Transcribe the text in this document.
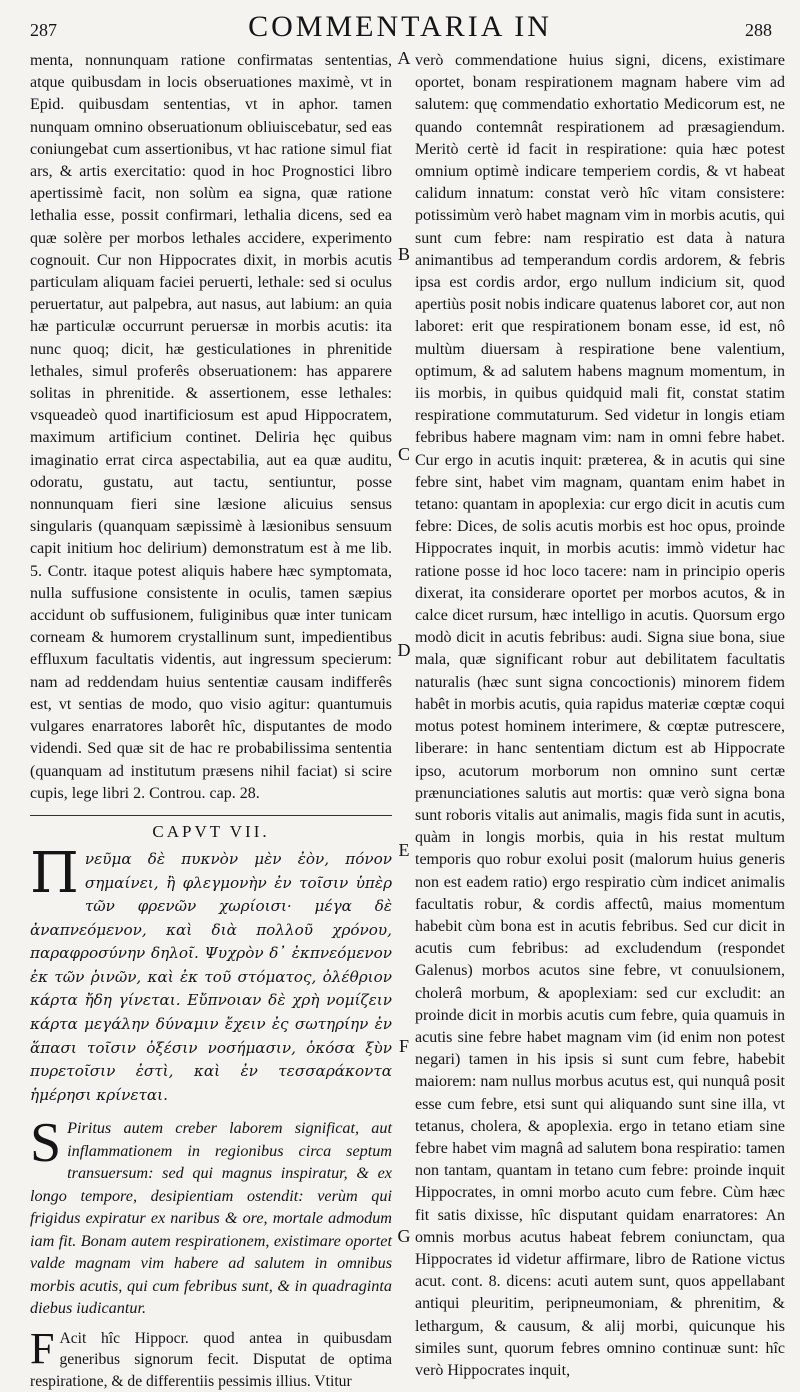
287	COMMENTARIA IN	288

menta, nonnunquam ratione confirmatas sententias, atque quibusdam in locis obseruationes maximè, vt in Epid. quibusdam sententias, vt in aphor. tamen nunquam omnino obseruationum obliuiscebatur, sed eas coniungebat cum assertionibus, vt hac ratione simul fiat ars, & artis exercitatio: quod in hoc Prognostici libro apertissimè facit, non solùm ea signa, quæ ratione lethalia esse, possit confirmari, lethalia dicens, sed ea quæ solère per morbos lethales accidere, experimento cognouit. Cur non Hippocrates dixit, in morbis acutis particulam aliquam faciei peruerti, lethale: sed si oculus peruertatur, aut palpebra, aut nasus, aut labium: an quia hæ particulæ occurrunt peruersæ in morbis acutis: ita nunc quoq; dicit, hæ gesticulationes in phrenitide lethales, simul proferês obseruationem: has apparere solitas in phrenitide. & assertionem, esse lethales: vsqueadeò quod inartificiosum est apud Hippocratem, maximum artificium continet. Deliria hęc quibus imaginatio errat circa aspectabilia, aut ea quæ auditu, odoratu, gustatu, aut tactu, sentiuntur, posse nonnunquam fieri sine læsione alicuius sensus singularis (quanquam sæpissimè à læsionibus sensuum capit initium hoc delirium) demonstratum est à me lib. 5. Contr. itaque potest aliquis habere hæc symptomata, nulla suffusione consistente in oculis, tamen sæpius accidunt ob suffusionem, fuliginibus quæ inter tunicam corneam & humorem crystallinum sunt, impedientibus effluxum facultatis videntis, aut ingressum specierum: nam ad reddendam huius sententiæ causam indifferês est, vt sentias de modo, quo visio agitur: quantumuis vulgares enarratores laborêt hîc, disputantes de modo videndi. Sed quæ sit de hac re probabilissima sententia (quanquam ad institutum præsens nihil faciat) si scire cupis, lege libri 2. Controu. cap. 28.

CAPVT VII.
Π νεῦμα δὲ πυκνὸν μὲν ἐὸν, πόνον σημαίνει, ἢ φλεγμονὴν ἐν τοῖσιν ὑπὲρ τῶν φρενῶν χωρίοισι· μέγα δὲ ἀναπνεόμενον, καὶ διὰ πολλοῦ χρόνου, παραφροσύνην δηλοῖ. Ψυχρὸν δ᾽ ἐκπνεόμενον ἐκ τῶν ῥινῶν, καὶ ἐκ τοῦ στόματος, ὀλέθριον κάρτα ἤδη γίνεται. Εὔπνοιαν δὲ χρὴ νομίζειν κάρτα μεγάλην δύναμιν ἔχειν ἐς σωτηρίην ἐν ἅπασι τοῖσιν ὀξέσιν νοσήμασιν, ὁκόσα ξὺν πυρετοῖσιν ἐστὶ, καὶ ἐν τεσσαράκοντα ἡμέρησι κρίνεται.
S Piritus autem creber laborem significat, aut inflammationem in regionibus circa septum transuersum: sed qui magnus inspiratur, & ex longo tempore, desipientiam ostendit: verùm qui frigidus expiratur ex naribus & ore, mortale admodum iam fit. Bonam autem respirationem, existimare oportet valde magnam vim habere ad salutem in omnibus morbis acutis, qui cum febribus sunt, & in quadraginta diebus iudicantur.
F Acit hîc Hippocr. quod antea in quibusdam generibus signorum fecit. Disputat de optima respiratione, & de differentiis pessimis illius. Vtitur
A
B
C
D
E
F
G

verò commendatione huius signi, dicens, existimare oportet, bonam respirationem magnam habere vim ad salutem: quę commendatio exhortatio Medicorum est, ne quando contemnât respirationem ad præsagiendum. Meritò certè id facit in respiratione: quia hæc potest omnium optimè indicare temperiem cordis, & vt habeat calidum innatum: constat verò hîc vitam consistere: potissimùm verò habet magnam vim in morbis acutis, qui sunt cum febre: nam respiratio est data à natura animantibus ad temperandum cordis ardorem, & febris ipsa est cordis ardor, ergo nullum indicium sit, quod apertiùs posit nobis indicare quatenus laboret cor, aut non laboret: erit que respirationem bonam esse, id est, nô multùm diuersam à respiratione bene valentium, optimum, & ad salutem habens magnum momentum, in iis morbis, in quibus quidquid mali fit, constat statim respiratione commutaturum. Sed videtur in longis etiam febribus habere magnam vim: nam in omni febre habet. Cur ergo in acutis inquit: præterea, & in acutis qui sine febre sint, habet vim magnam, quantam enim habet in tetano: quantam in apoplexia: cur ergo dicit in acutis cum febre: Dices, de solis acutis morbis est hoc opus, proinde Hippocrates inquit, in morbis acutis: immò videtur hac ratione posse id hoc loco tacere: nam in principio operis dixerat, ita considerare oportet per morbos acutos, & in calce dicet rursum, hæc intelligo in acutis. Quorsum ergo modò dicit in acutis febribus: audi. Signa siue bona, siue mala, quæ significant robur aut debilitatem facultatis naturalis (hæc sunt signa concoctionis) minorem fidem habêt in morbis acutis, quia rapidus materiæ cœptæ coqui motus potest hominem interimere, & cœptæ putrescere, liberare: in hanc sententiam dictum est ab Hippocrate ipso, acutorum morborum non omnino sunt certæ prænunciationes salutis aut mortis: quæ verò signa bona sunt roboris vitalis aut animalis, magis fida sunt in acutis, quàm in longis morbis, quia in his restat multum temporis quo robur exolui posit (malorum huius generis non est eadem ratio) ergo respiratio cùm indicet animalis facultatis robur, & cordis affectû, maius momentum habebit cùm bona est in acutis febribus. Sed cur dicit in acutis cum febribus: ad excludendum (respondet Galenus) morbos acutos sine febre, vt conuulsionem, cholerâ morbum, & apoplexiam: sed cur excludit: an proinde dicit in morbis acutis cum febre, quia quamuis in acutis sine febre habet magnam vim (id enim non potest negari) tamen in his ipsis si sunt cum febre, habebit maiorem: nam nullus morbus acutus est, qui nunquâ posit esse cum febre, etsi sunt qui aliquando sunt sine illa, vt tetanus, cholera, & apoplexia. ergo in tetano etiam sine febre habet vim magnâ ad salutem bona respiratio: tamen non tantam, quantam in tetano cum febre: proinde inquit Hippocrates, in omni morbo acuto cum febre. Cùm hæc fit satis dixisse, hîc disputant quidam enarratores: An omnis morbus acutus habeat febrem coniunctam, qua Hippocrates id videtur affirmare, libro de Ratione victus acut. cont. 8. dicens: acuti autem sunt, quos appellabant antiqui pleuritim, peripneumoniam, & phrenitim, & lethargum, & causum, & alij morbi, quicunque his similes sunt, quorum febres omnino continuæ sunt: hîc verò Hippocrates inquit,
